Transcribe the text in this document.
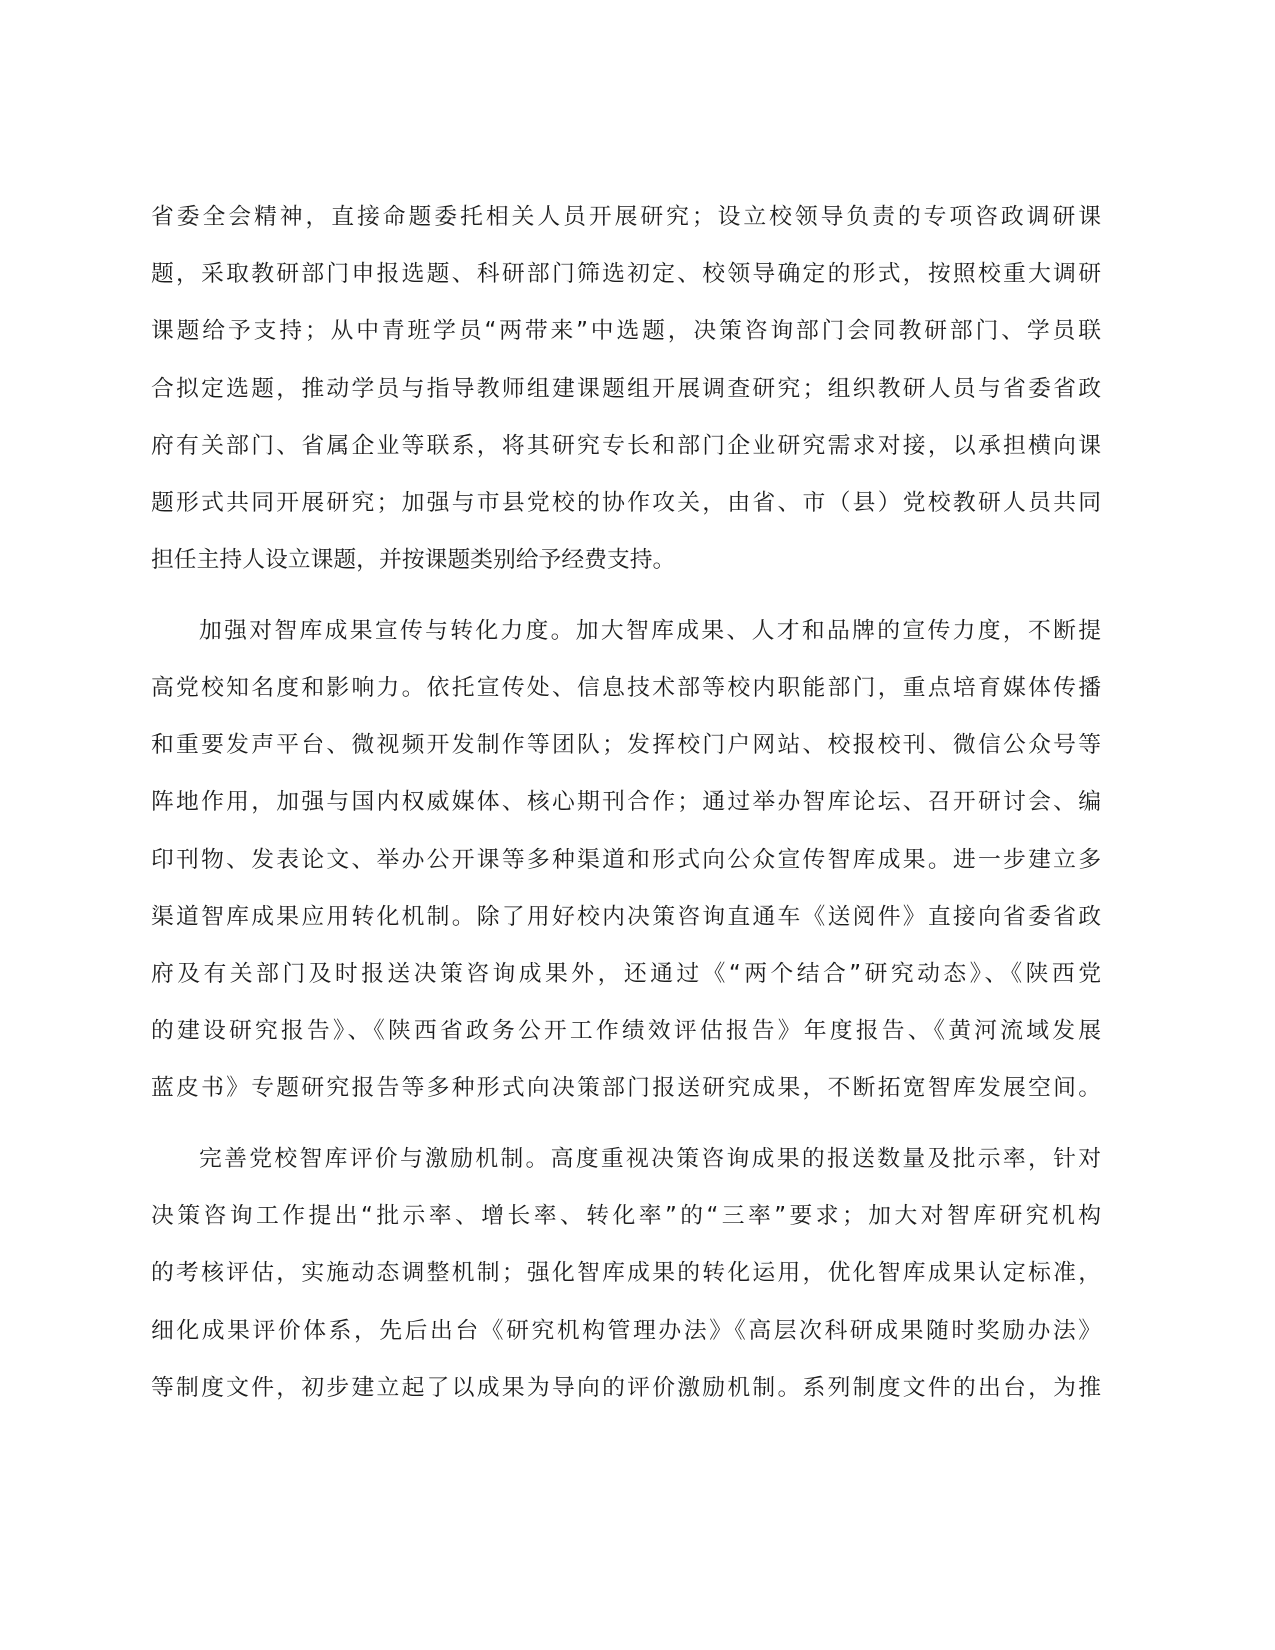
省委全会精神，直接命题委托相关人员开展研究；设立校领导负责的专项咨政调研课
题，采取教研部门申报选题、科研部门筛选初定、校领导确定的形式，按照校重大调研
课题给予支持；从中青班学员“两带来”中选题，决策咨询部门会同教研部门、学员联
合拟定选题，推动学员与指导教师组建课题组开展调查研究；组织教研人员与省委省政
府有关部门、省属企业等联系，将其研究专长和部门企业研究需求对接，以承担横向课
题形式共同开展研究；加强与市县党校的协作攻关，由省、市（县）党校教研人员共同
担任主持人设立课题，并按课题类别给予经费支持。
加强对智库成果宣传与转化力度。加大智库成果、人才和品牌的宣传力度，不断提
高党校知名度和影响力。依托宣传处、信息技术部等校内职能部门，重点培育媒体传播
和重要发声平台、微视频开发制作等团队；发挥校门户网站、校报校刊、微信公众号等
阵地作用，加强与国内权威媒体、核心期刊合作；通过举办智库论坛、召开研讨会、编
印刊物、发表论文、举办公开课等多种渠道和形式向公众宣传智库成果。进一步建立多
渠道智库成果应用转化机制。除了用好校内决策咨询直通车《送阅件》直接向省委省政
府及有关部门及时报送决策咨询成果外，还通过《“两个结合”研究动态》、《陕西党
的建设研究报告》、《陕西省政务公开工作绩效评估报告》年度报告、《黄河流域发展
蓝皮书》专题研究报告等多种形式向决策部门报送研究成果，不断拓宽智库发展空间。
完善党校智库评价与激励机制。高度重视决策咨询成果的报送数量及批示率，针对
决策咨询工作提出“批示率、增长率、转化率”的“三率”要求；加大对智库研究机构
的考核评估，实施动态调整机制；强化智库成果的转化运用，优化智库成果认定标准，
细化成果评价体系，先后出台《研究机构管理办法》《高层次科研成果随时奖励办法》
等制度文件，初步建立起了以成果为导向的评价激励机制。系列制度文件的出台，为推
